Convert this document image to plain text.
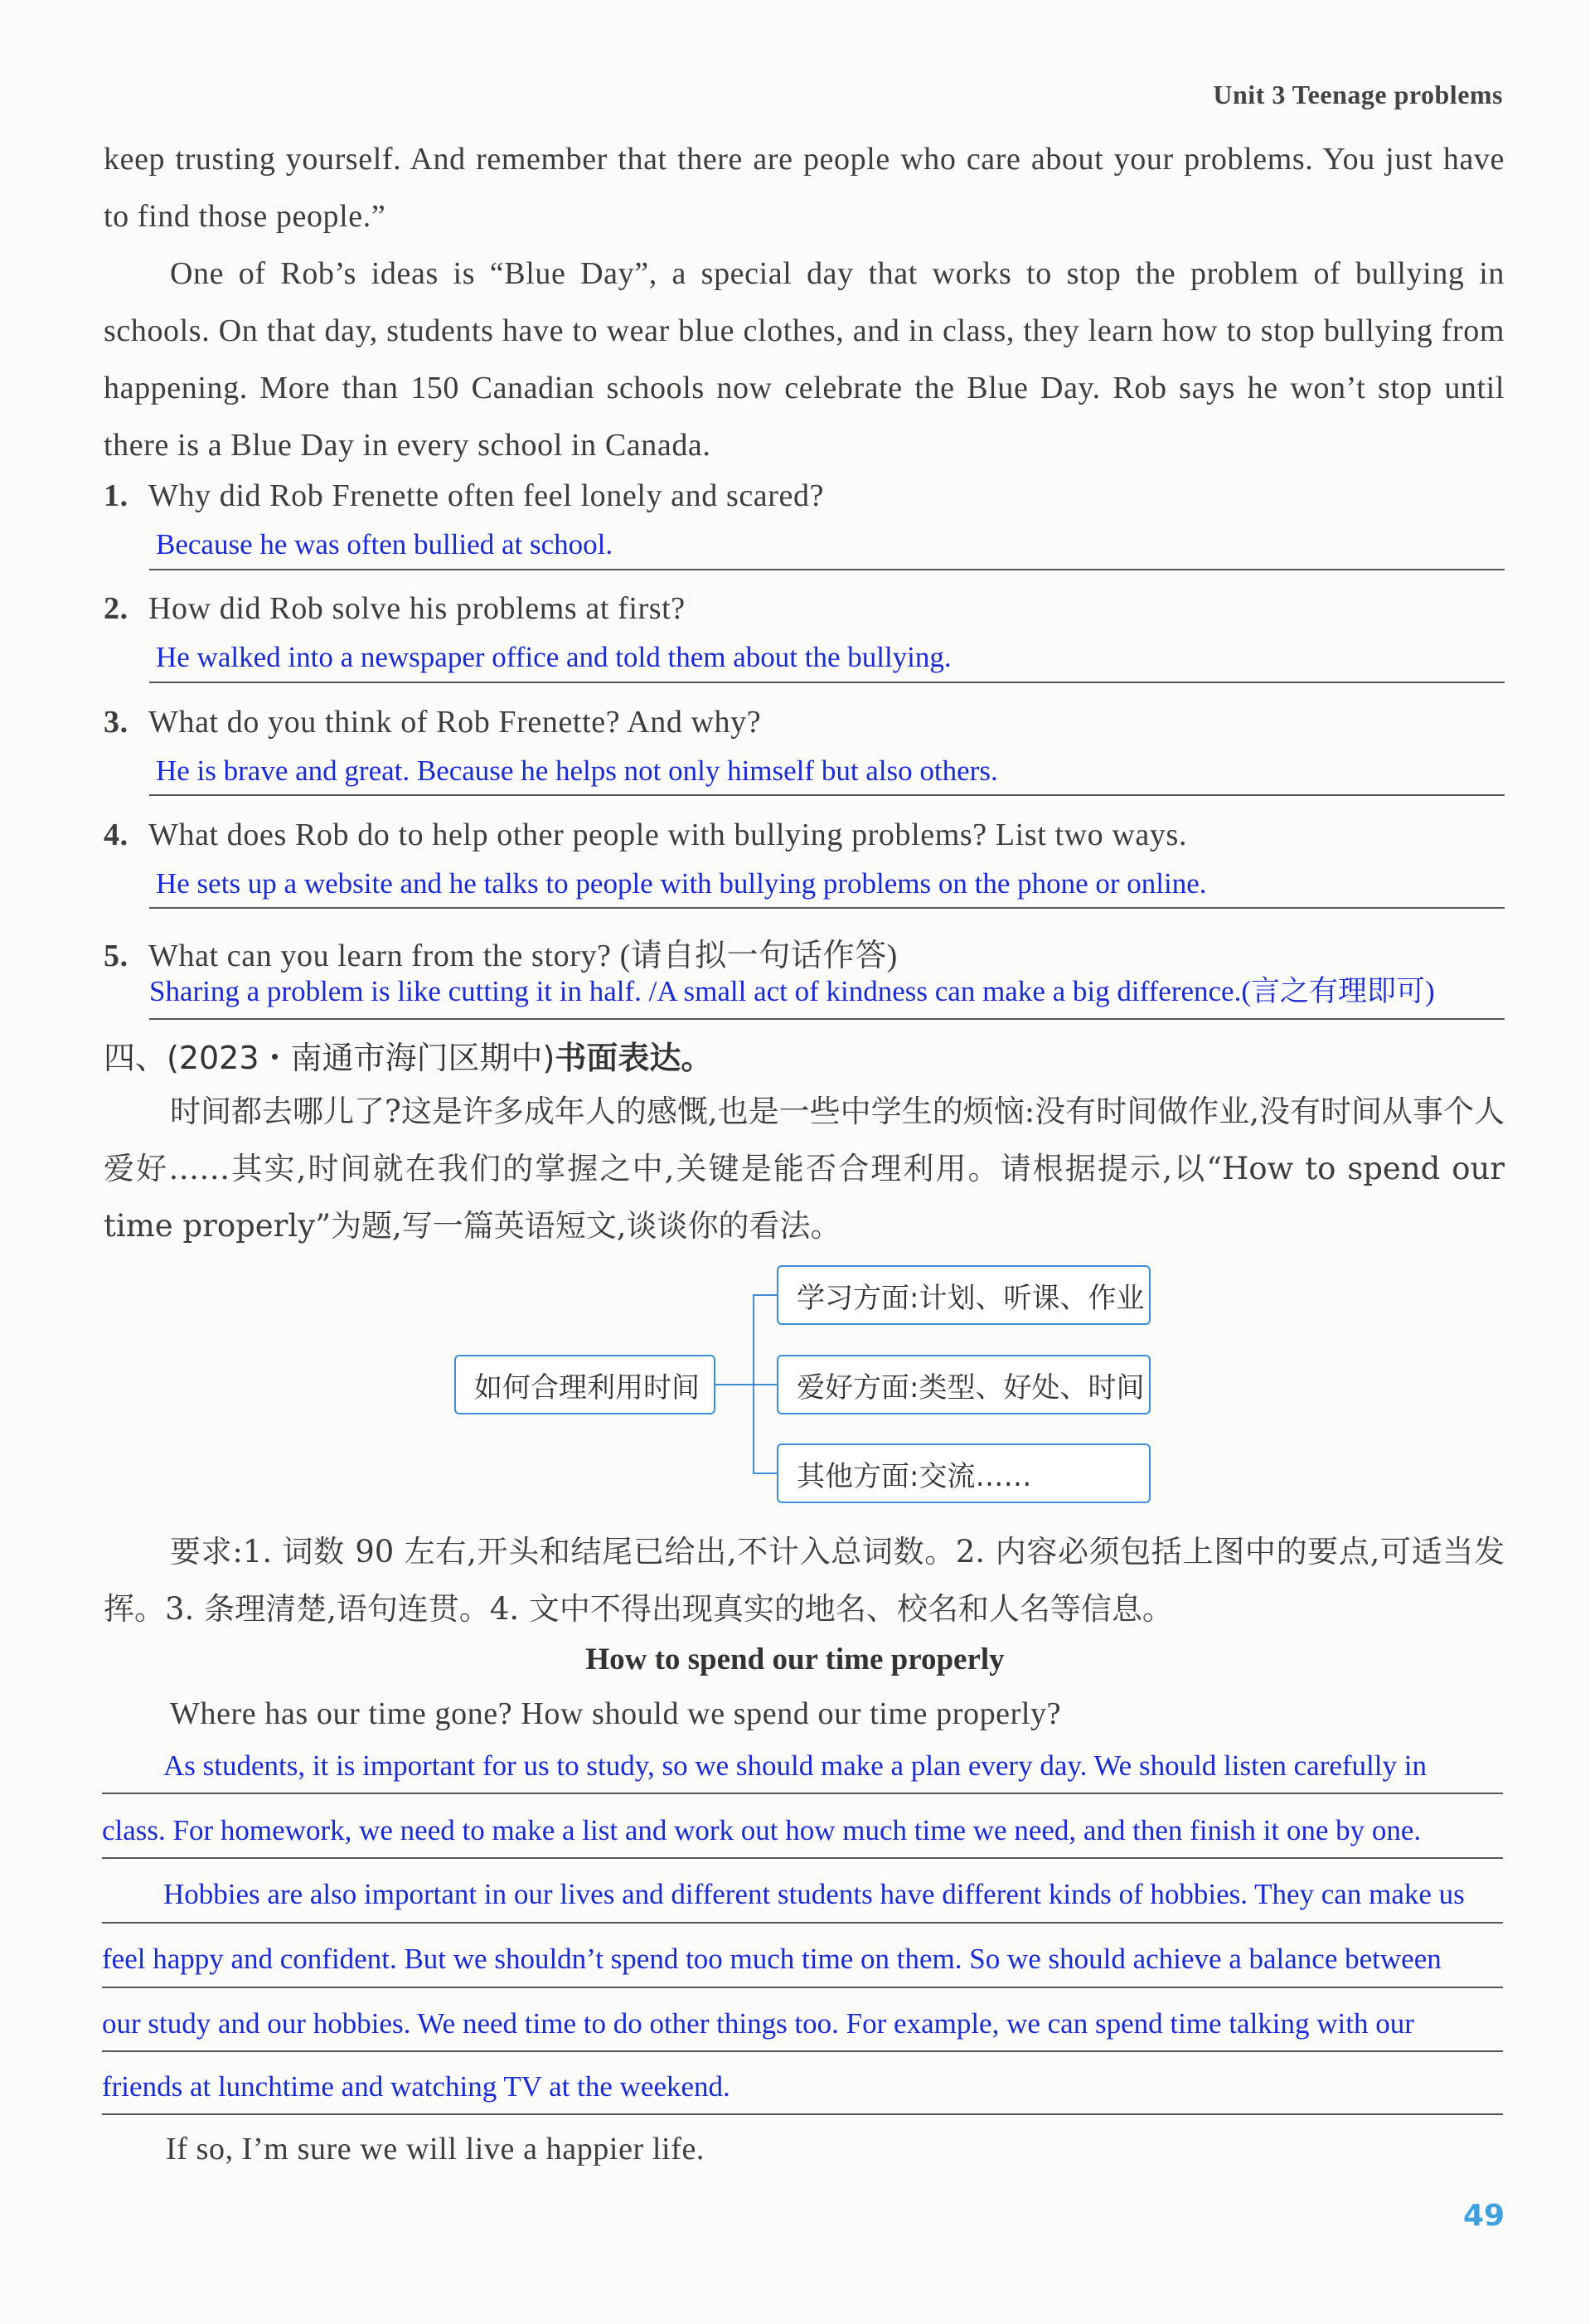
Unit 3 Teenage problems

keep trusting yourself. And remember that there are people who care about your problems. You just have to find those people.”

One of Rob’s ideas is “Blue Day”, a special day that works to stop the problem of bullying in schools. On that day, students have to wear blue clothes, and in class, they learn how to stop bullying from happening. More than 150 Canadian schools now celebrate the Blue Day. Rob says he won’t stop until there is a Blue Day in every school in Canada.

1. Why did Rob Frenette often feel lonely and scared?
Because he was often bullied at school.
2. How did Rob solve his problems at first?
He walked into a newspaper office and told them about the bullying.
3. What do you think of Rob Frenette? And why?
He is brave and great. Because he helps not only himself but also others.
4. What does Rob do to help other people with bullying problems? List two ways.
He sets up a website and he talks to people with bullying problems on the phone or online.
5. What can you learn from the story? (请自拟一句话作答)
Sharing a problem is like cutting it in half. /A small act of kindness can make a big difference.(言之有理即可)
四、(2023・南通市海门区期中)书面表达。

时间都去哪儿了?这是许多成年人的感慨,也是一些中学生的烦恼:没有时间做作业,没有时间从事个人爱好……其实,时间就在我们的掌握之中,关键是能否合理利用。请根据提示,以“How to spend our time properly”为题,写一篇英语短文,谈谈你的看法。

如何合理利用时间
学习方面:计划、听课、作业
爱好方面:类型、好处、时间
其他方面:交流……

要求:1. 词数 90 左右,开头和结尾已给出,不计入总词数。2. 内容必须包括上图中的要点,可适当发挥。3. 条理清楚,语句连贯。4. 文中不得出现真实的地名、校名和人名等信息。

How to spend our time properly
Where has our time gone? How should we spend our time properly?
As students, it is important for us to study, so we should make a plan every day. We should listen carefully in
class. For homework, we need to make a list and work out how much time we need, and then finish it one by one.
Hobbies are also important in our lives and different students have different kinds of hobbies. They can make us
feel happy and confident. But we shouldn’t spend too much time on them. So we should achieve a balance between
our study and our hobbies. We need time to do other things too. For example, we can spend time talking with our
friends at lunchtime and watching TV at the weekend.
If so, I’m sure we will live a happier life.
49
